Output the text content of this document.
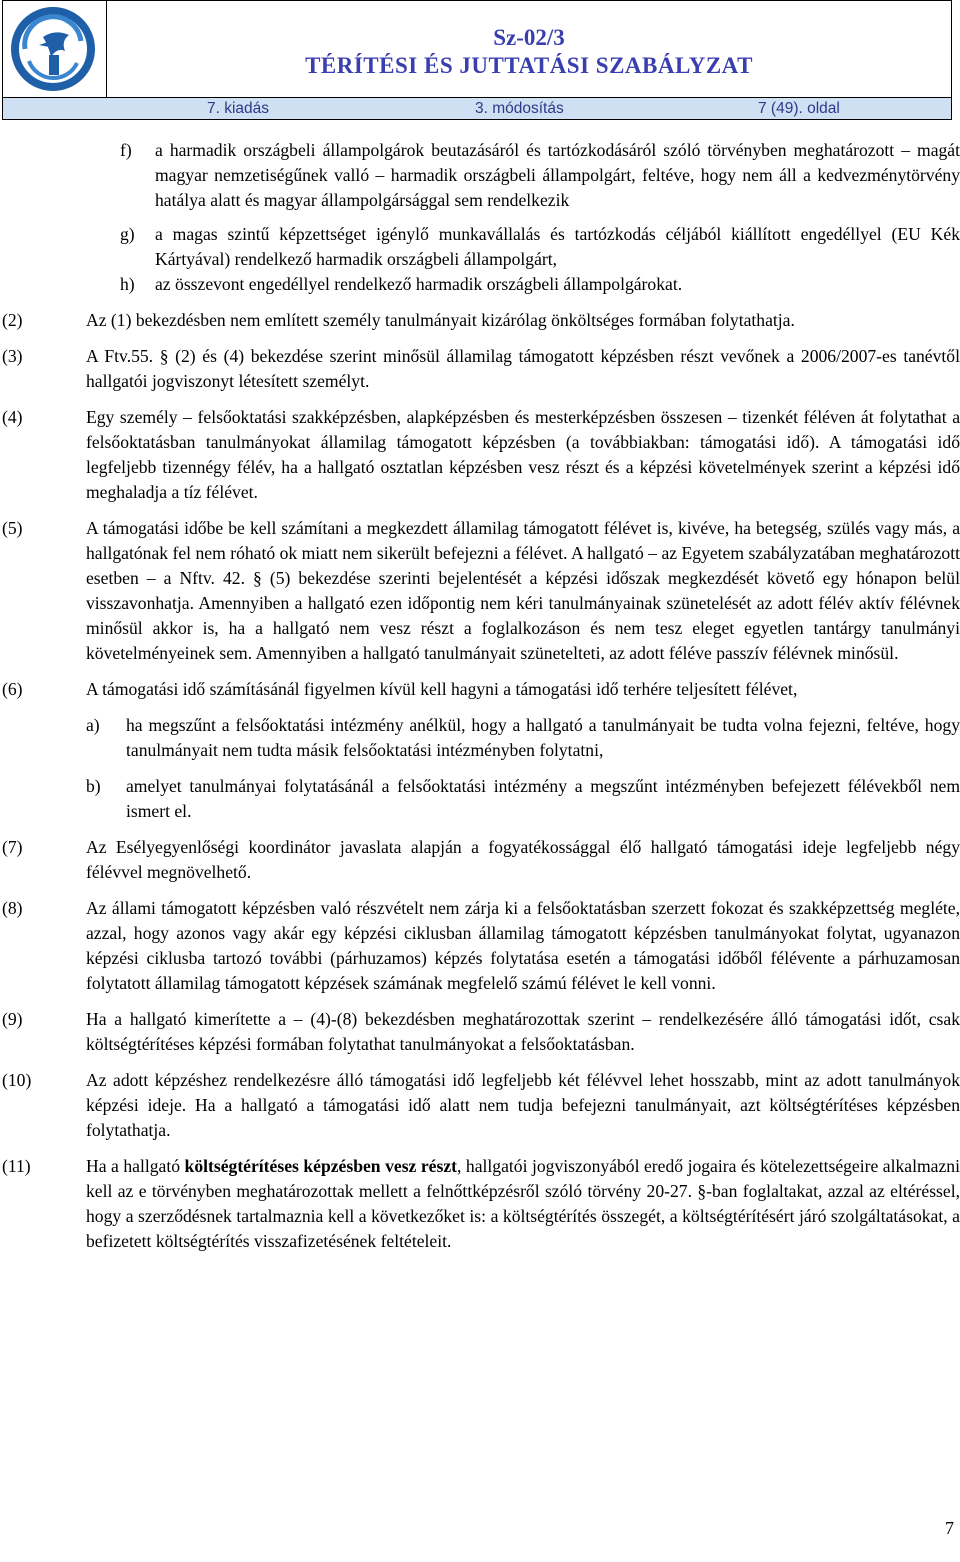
Sz-02/3
TÉRÍTÉSI ÉS JUTTATÁSI SZABÁLYZAT
7. kiadás	3. módosítás	7 (49). oldal
f) a harmadik országbeli állampolgárok beutazásáról és tartózkodásáról szóló törvényben meghatározott ‒ magát magyar nemzetiségűnek valló ‒ harmadik országbeli állampolgárt, feltéve, hogy nem áll a kedvezménytörvény hatálya alatt és magyar állampolgársággal sem rendelkezik

g) a magas szintű képzettséget igénylő munkavállalás és tartózkodás céljából kiállított engedéllyel (EU Kék Kártyával) rendelkező harmadik országbeli állampolgárt,

h) az összevont engedéllyel rendelkező harmadik országbeli állampolgárokat.

(2)	Az (1) bekezdésben nem említett személy tanulmányait kizárólag önköltséges formában folytathatja.

(3)	A Ftv.55. § (2) és (4) bekezdése szerint minősül államilag támogatott képzésben részt vevőnek a 2006/2007-es tanévtől hallgatói jogviszonyt létesített személyt.

(4)	Egy személy ‒ felsőoktatási szakképzésben, alapképzésben és mesterképzésben összesen ‒ tizenkét féléven át folytathat a felsőoktatásban tanulmányokat államilag támogatott képzésben (a továbbiakban: támogatási idő). A támogatási idő legfeljebb tizennégy félév, ha a hallgató osztatlan képzésben vesz részt és a képzési követelmények szerint a képzési idő meghaladja a tíz félévet.

(5)	A támogatási időbe be kell számítani a megkezdett államilag támogatott félévet is, kivéve, ha betegség, szülés vagy más, a hallgatónak fel nem róható ok miatt nem sikerült befejezni a félévet. A hallgató ‒ az Egyetem szabályzatában meghatározott esetben ‒ a Nftv. 42. § (5) bekezdése szerinti bejelentését a képzési időszak megkezdését követő egy hónapon belül visszavonhatja. Amennyiben a hallgató ezen időpontig nem kéri tanulmányainak szünetelését az adott félév aktív félévnek minősül akkor is, ha a hallgató nem vesz részt a foglalkozáson és nem tesz eleget egyetlen tantárgy tanulmányi követelményeinek sem. Amennyiben a hallgató tanulmányait szünetelteti, az adott féléve passzív félévnek minősül.

(6)	A támogatási idő számításánál figyelmen kívül kell hagyni a támogatási idő terhére teljesített félévet,

a) ha megszűnt a felsőoktatási intézmény anélkül, hogy a hallgató a tanulmányait be tudta volna fejezni, feltéve, hogy tanulmányait nem tudta másik felsőoktatási intézményben folytatni,

b) amelyet tanulmányai folytatásánál a felsőoktatási intézmény a megszűnt intézményben befejezett félévekből nem ismert el.

(7)	Az Esélyegyenlőségi koordinátor javaslata alapján a fogyatékossággal élő hallgató támogatási ideje legfeljebb négy félévvel megnövelhető.

(8)	Az állami támogatott képzésben való részvételt nem zárja ki a felsőoktatásban szerzett fokozat és szakképzettség megléte, azzal, hogy azonos vagy akár egy képzési ciklusban államilag támogatott képzésben tanulmányokat folytat, ugyanazon képzési ciklusba tartozó további (párhuzamos) képzés folytatása esetén a támogatási időből félévente a párhuzamosan folytatott államilag támogatott képzések számának megfelelő számú félévet le kell vonni.

(9)	Ha a hallgató kimerítette a ‒ (4)-(8) bekezdésben meghatározottak szerint ‒ rendelkezésére álló támogatási időt, csak költségtérítéses képzési formában folytathat tanulmányokat a felsőoktatásban.

(10)	Az adott képzéshez rendelkezésre álló támogatási idő legfeljebb két félévvel lehet hosszabb, mint az adott tanulmányok képzési ideje. Ha a hallgató a támogatási idő alatt nem tudja befejezni tanulmányait, azt költségtérítéses képzésben folytathatja.

(11)	Ha a hallgató költségtérítéses képzésben vesz részt, hallgatói jogviszonyából eredő jogaira és kötelezettségeire alkalmazni kell az e törvényben meghatározottak mellett a felnőttképzésről szóló törvény 20-27. §-ban foglaltakat, azzal az eltéréssel, hogy a szerződésnek tartalmaznia kell a következőket is: a költségtérítés összegét, a költségtérítésért járó szolgáltatásokat, a befizetett költségtérítés visszafizetésének feltételeit.

7
